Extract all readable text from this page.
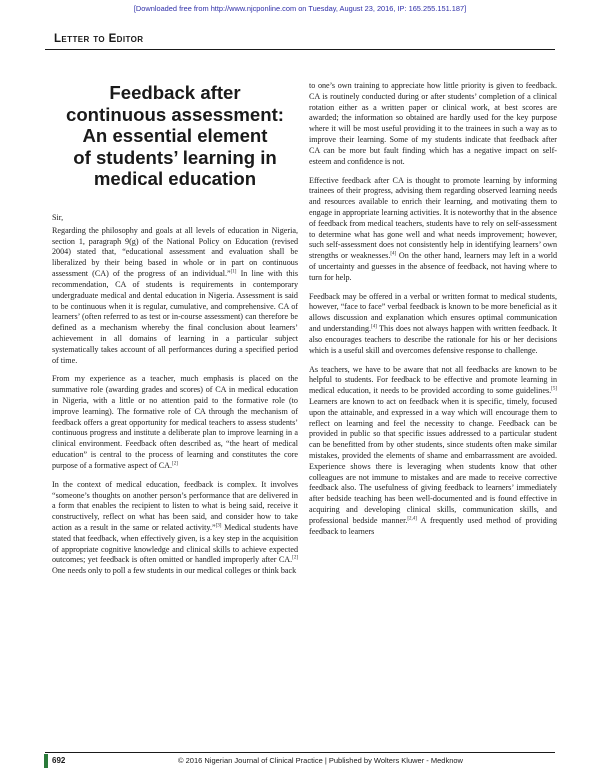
[Downloaded free from http://www.njcponline.com on Tuesday, August 23, 2016, IP: 165.255.151.187]
Letter to Editor
Feedback after
continuous assessment:
An essential element
of students’ learning in
medical education

Sir,

Regarding the philosophy and goals at all levels of education in Nigeria, section 1, paragraph 9(g) of the National Policy on Education (revised 2004) stated that, “educational assessment and evaluation shall be liberalized by their being based in whole or in part on continuous assessment (CA) of the progress of an individual.”[1] In line with this recommendation, CA of students is requirements in contemporary undergraduate medical and dental education in Nigeria. Assessment is said to be continuous when it is regular, cumulative, and comprehensive. CA of learners’ (often referred to as test or in-course assessment) can therefore be defined as a mechanism whereby the final conclusion about learners’ achievement in all domains of learning in a particular subject systematically takes account of all performances during a specified period of time.

From my experience as a teacher, much emphasis is placed on the summative role (awarding grades and scores) of CA in medical education in Nigeria, with a little or no attention paid to the formative role (to improve learning). The formative role of CA through the mechanism of feedback offers a great opportunity for medical teachers to assess students’ continuous progress and institute a deliberate plan to improve learning in a clinical environment. Feedback often described as, “the heart of medical education” is central to the process of learning and constitutes the core purpose of a formative aspect of CA.[2]

In the context of medical education, feedback is complex. It involves “someone’s thoughts on another person’s performance that are delivered in a form that enables the recipient to listen to what is being said, receive it constructively, reflect on what has been said, and consider how to take action as a result in the same or related activity.”[3] Medical students have stated that feedback, when effectively given, is a key step in the acquisition of appropriate cognitive knowledge and clinical skills to achieve expected outcomes; yet feedback is often omitted or handled improperly after CA.[2] One needs only to poll a few students in our medical colleges or think back

to one’s own training to appreciate how little priority is given to feedback. CA is routinely conducted during or after students’ completion of a clinical rotation either as a written paper or clinical work, at best scores are awarded; the information so obtained are hardly used for the key purpose where it will be most useful providing it to the trainees in such a way as to improve their learning. Some of my students indicate that feedback after CA can be more but fault finding which has a negative impact on self-esteem and confidence is not.

Effective feedback after CA is thought to promote learning by informing trainees of their progress, advising them regarding observed learning needs and resources available to enrich their learning, and motivating them to engage in appropriate learning activities. It is noteworthy that in the absence of feedback from medical teachers, students have to rely on self-assessment to determine what has gone well and what needs improvement; however, such self-assessment does not consistently help in identifying learners’ own strengths or weaknesses.[4] On the other hand, learners may left in a world of uncertainty and guesses in the absence of feedback, not having where to turn for help.

Feedback may be offered in a verbal or written format to medical students, however, “face to face” verbal feedback is known to be more beneficial as it allows discussion and explanation which ensures optimal communication and understanding.[4] This does not always happen with written feedback. It also encourages teachers to describe the rationale for his or her decisions which is a useful skill and overcomes defensive response to challenge.

As teachers, we have to be aware that not all feedbacks are known to be helpful to students. For feedback to be effective and promote learning in medical education, it needs to be provided according to some guidelines.[5] Learners are known to act on feedback when it is specific, timely, focused upon the attainable, and expressed in a way which will encourage them to reflect on learning and feel the necessity to change. Feedback can be provided in public so that specific issues addressed to a particular student can be benefitted from by other students, since students often make similar mistakes, provided the elements of shame and embarrassment are avoided. Experience shows there is leveraging when students know that other colleagues are not immune to mistakes and are made to receive corrective feedback also. The usefulness of giving feedback to learners’ immediately after bedside teaching has been well-documented and is found effective in acquiring and developing clinical skills, communication skills, and professional bedside manner.[2,4] A frequently used method of providing feedback to learners

692	© 2016 Nigerian Journal of Clinical Practice | Published by Wolters Kluwer - Medknow
